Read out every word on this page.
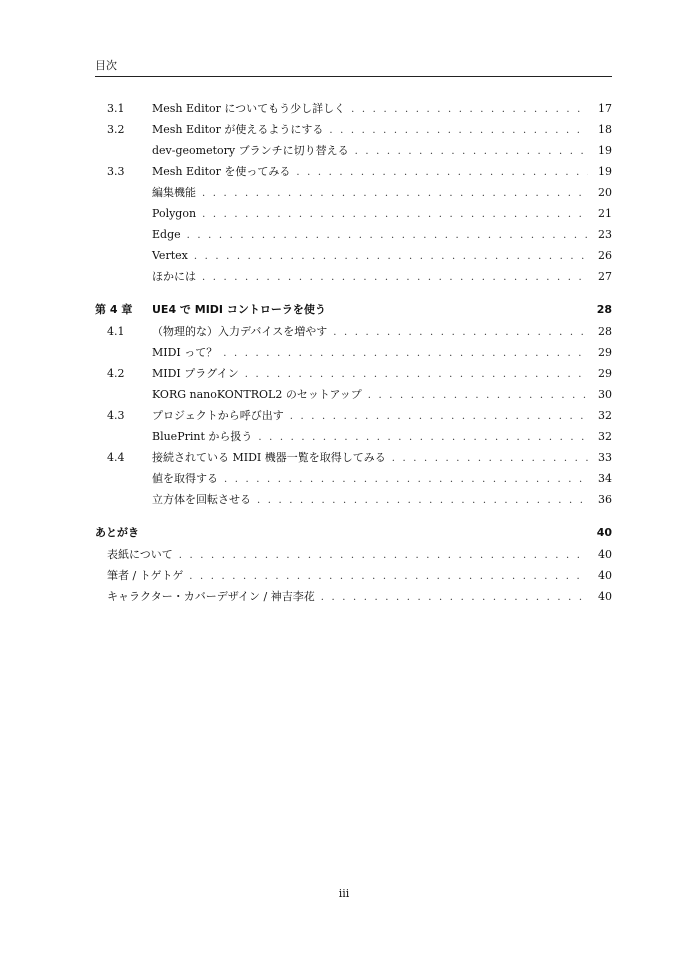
目次
3.1	Mesh Editor についてもう少し詳しく . . .	17
3.2	Mesh Editor が使えるようにする . . .	18
dev-geometory ブランチに切り替える . . .	19
3.3	Mesh Editor を使ってみる . . .	19
編集機能 . . .	20
Polygon . . .	21
Edge . . .	23
Vertex . . .	26
ほかには . . .	27
第 4 章	UE4 で MIDI コントローラを使う	28
4.1	（物理的な）入力デバイスを増やす . . .	28
MIDI って？ . . .	29
4.2	MIDI プラグイン . . .	29
KORG nanoKONTROL2 のセットアップ . . .	30
4.3	プロジェクトから呼び出す . . .	32
BluePrint から扱う . . .	32
4.4	接続されている MIDI 機器一覧を取得してみる . . .	33
値を取得する . . .	34
立方体を回転させる . . .	36
あとがき	40
表紙について . . .	40
筆者 / トゲトゲ . . .	40
キャラクター・カバーデザイン / 神吉李花 . . .	40
iii
